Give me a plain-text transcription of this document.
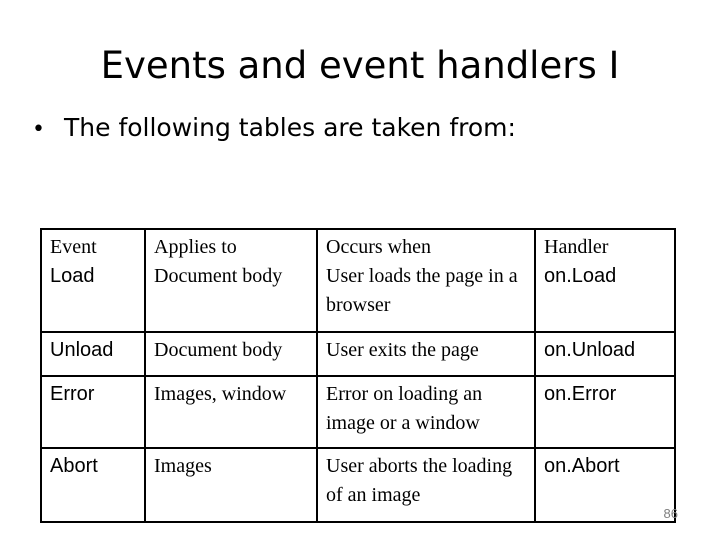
Events and event handlers I
• The following tables are taken from:
Event	Applies to	Occurs when	Handler
Load	Document body	User loads the page in a browser	on.Load
Unload	Document body	User exits the page	on.Unload
Error	Images, window	Error on loading an image or a window	on.Error
Abort	Images	User aborts the loading of an image	on.Abort
86
